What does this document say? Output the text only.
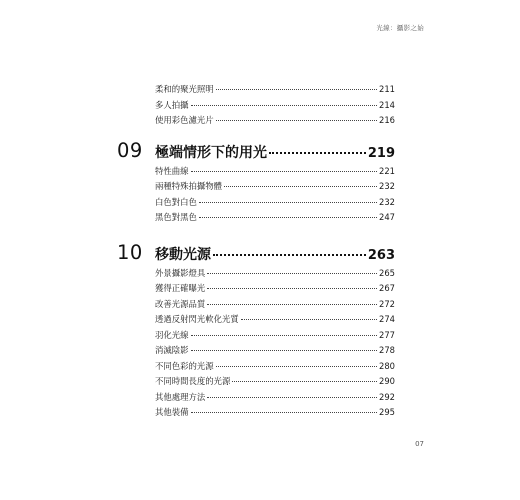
光線：攝影之始
柔和的聚光照明	211
多人拍攝	214
使用彩色濾光片	216
09 極端情形下的用光	219
特性曲線	221
兩種特殊拍攝物體	232
白色對白色	232
黑色對黑色	247
10 移動光源	263
外景攝影燈具	265
獲得正確曝光	267
改善光源品質	272
透過反射閃光軟化光質	274
羽化光線	277
消滅陰影	278
不同色彩的光源	280
不同時間長度的光源	290
其他處理方法	292
其他裝備	295
07
